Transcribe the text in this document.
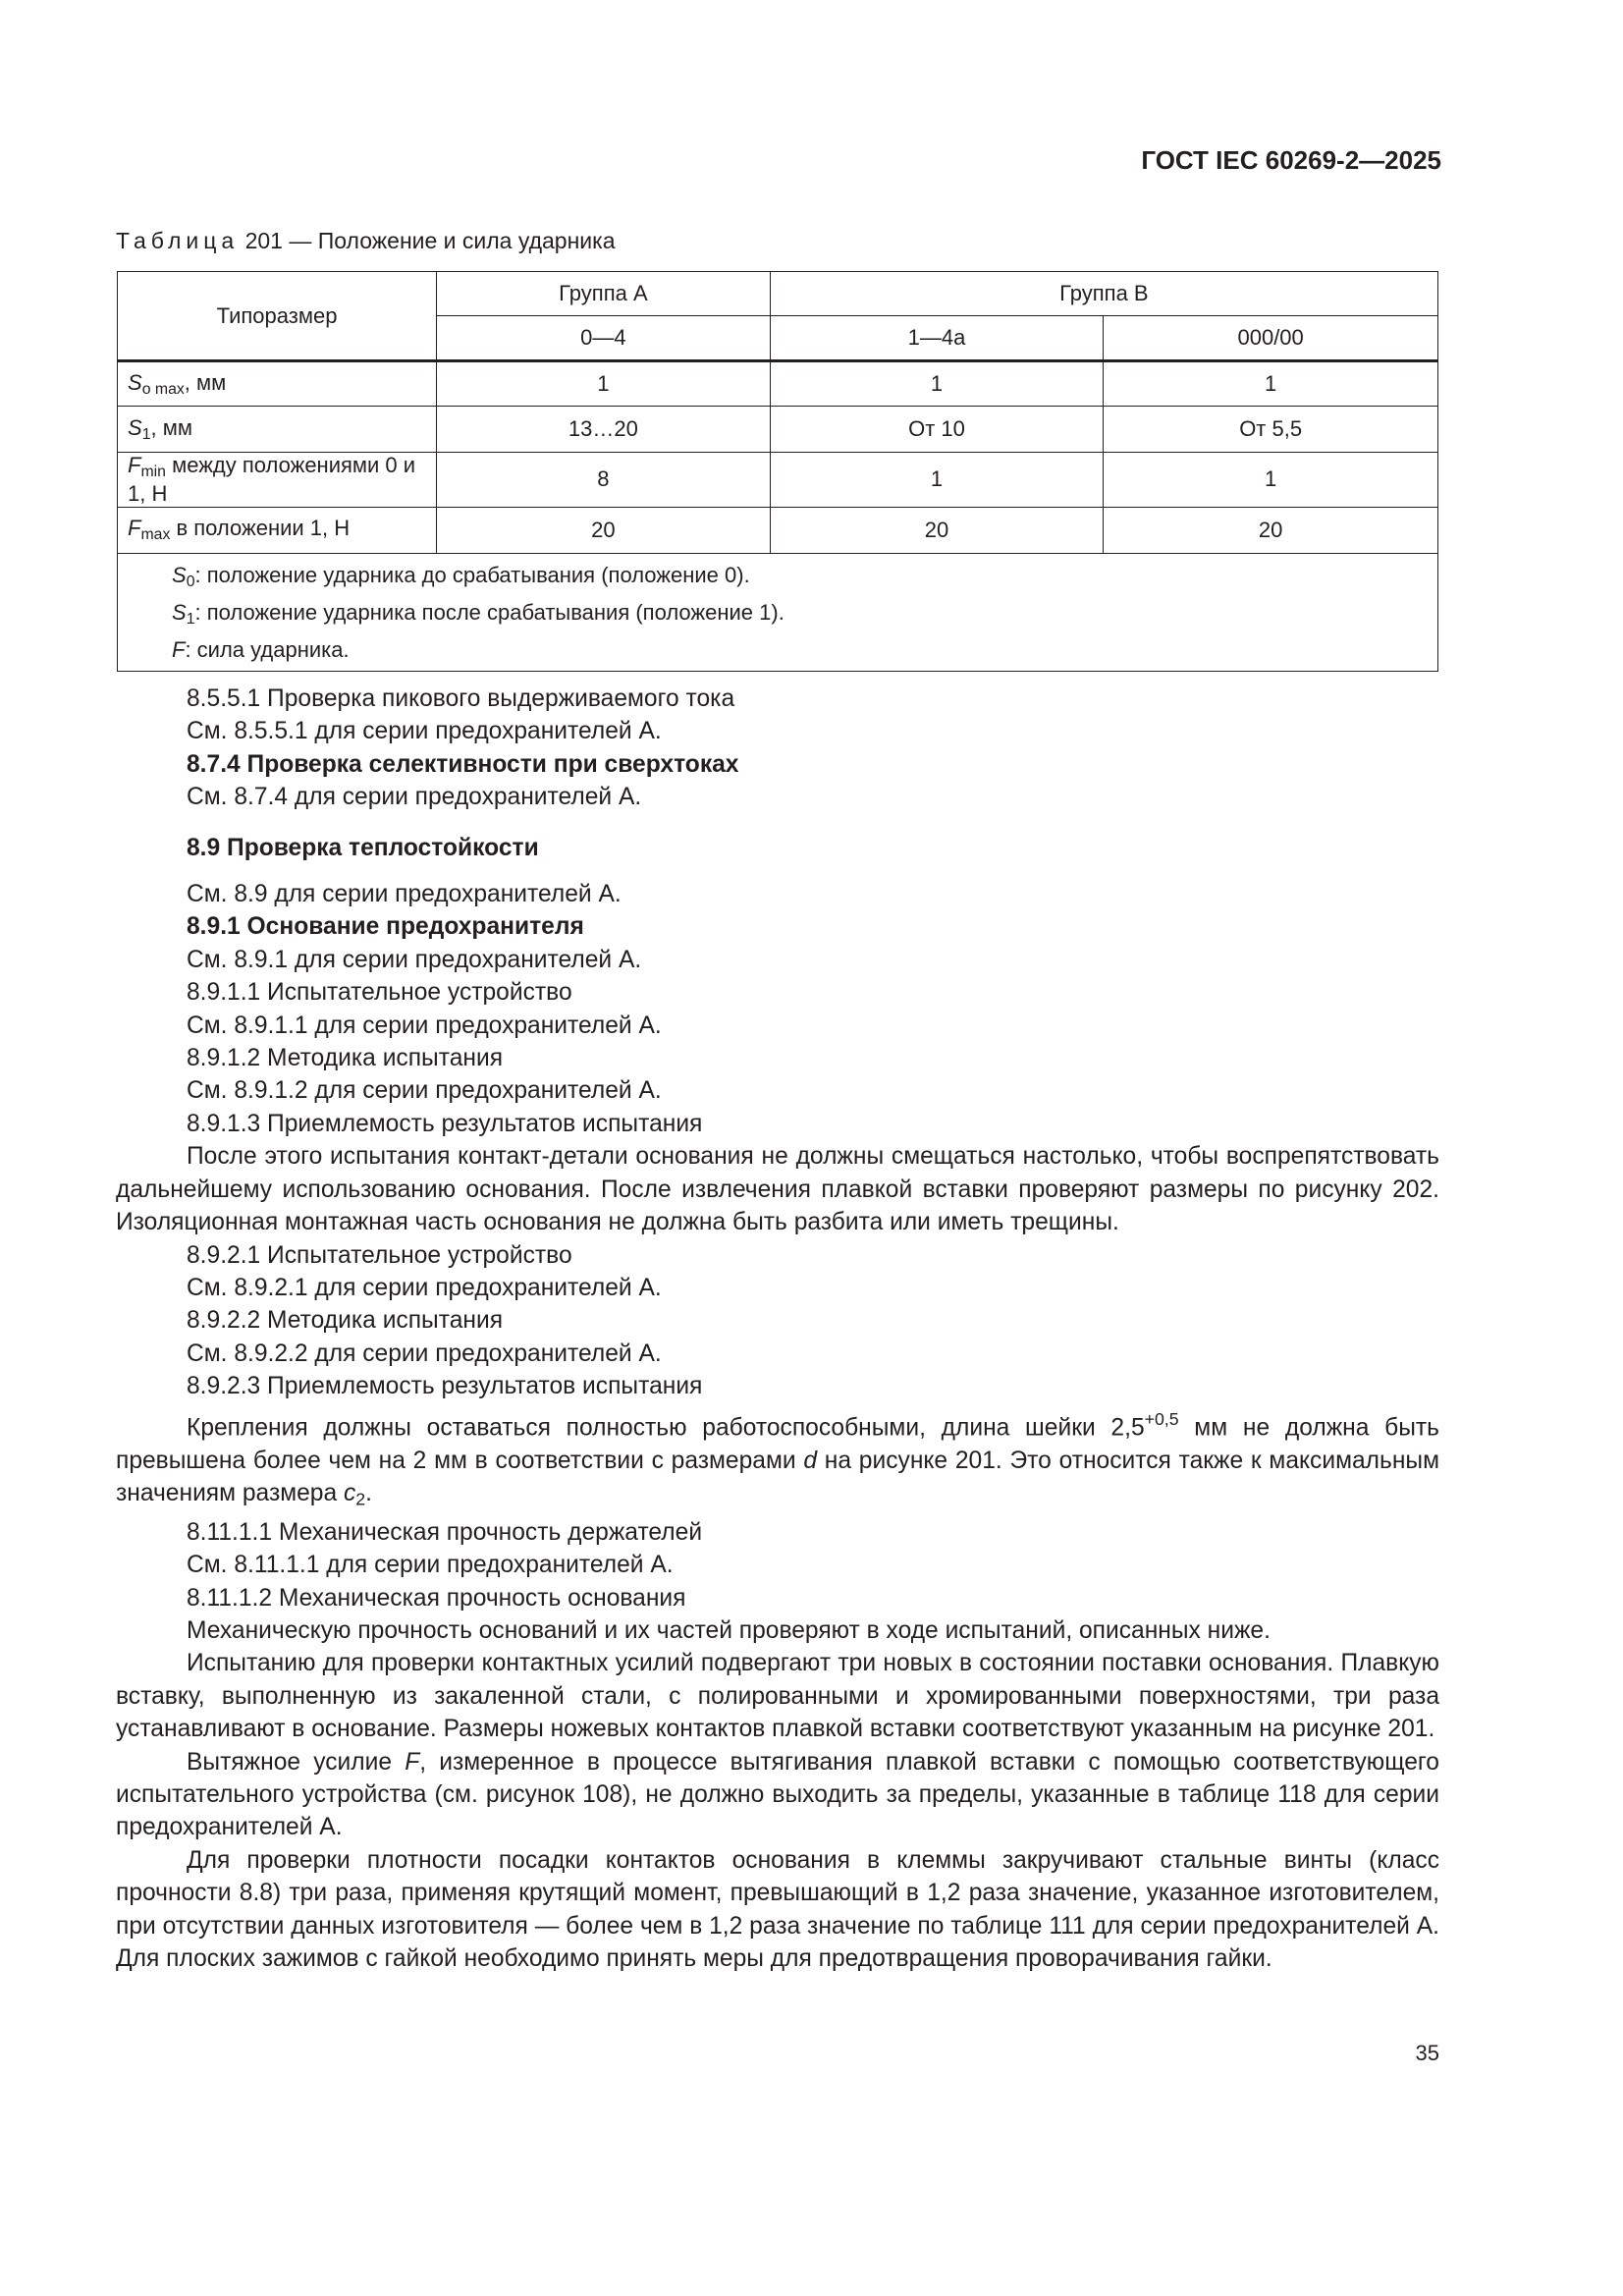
ГОСТ IEC 60269-2—2025
Таблица 201 — Положение и сила ударника
Типоразмер	Группа А	Группа В	
	0—4	1—4а	000/00
$S_{o max}$, мм	1	1	1
$S_1$, мм	13…20	От 10	От 5,5
$F_{min}$ между положениями 0 и 1, Н	8	1	1
$F_{max}$ в положении 1, Н	20	20	20

$S_0$: положение ударника до срабатывания (положение 0).
$S_1$: положение ударника после срабатывания (положение 1).
F: сила ударника.			

8.5.5.1 Проверка пикового выдерживаемого тока

См. 8.5.5.1 для серии предохранителей А.

8.7.4 Проверка селективности при сверхтоках

См. 8.7.4 для серии предохранителей А.

8.9 Проверка теплостойкости

См. 8.9 для серии предохранителей А.

8.9.1 Основание предохранителя

См. 8.9.1 для серии предохранителей А.

8.9.1.1 Испытательное устройство

См. 8.9.1.1 для серии предохранителей А.

8.9.1.2 Методика испытания

См. 8.9.1.2 для серии предохранителей А.

8.9.1.3 Приемлемость результатов испытания

После этого испытания контакт-детали основания не должны смещаться настолько, чтобы воспрепятствовать дальнейшему использованию основания. После извлечения плавкой вставки проверяют размеры по рисунку 202. Изоляционная монтажная часть основания не должна быть разбита или иметь трещины.

8.9.2.1 Испытательное устройство

См. 8.9.2.1 для серии предохранителей А.

8.9.2.2 Методика испытания

См. 8.9.2.2 для серии предохранителей А.

8.9.2.3 Приемлемость результатов испытания

Крепления должны оставаться полностью работоспособными, длина шейки $2,5^{+0,5}$ мм не должна быть превышена более чем на 2 мм в соответствии с размерами d на рисунке 201. Это относится также к максимальным значениям размера $c_2$.

8.11.1.1 Механическая прочность держателей

См. 8.11.1.1 для серии предохранителей А.

8.11.1.2 Механическая прочность основания

Механическую прочность оснований и их частей проверяют в ходе испытаний, описанных ниже.

Испытанию для проверки контактных усилий подвергают три новых в состоянии поставки основания. Плавкую вставку, выполненную из закаленной стали, с полированными и хромированными поверхностями, три раза устанавливают в основание. Размеры ножевых контактов плавкой вставки соответствуют указанным на рисунке 201.

Вытяжное усилие F, измеренное в процессе вытягивания плавкой вставки с помощью соответствующего испытательного устройства (см. рисунок 108), не должно выходить за пределы, указанные в таблице 118 для серии предохранителей А.

Для проверки плотности посадки контактов основания в клеммы закручивают стальные винты (класс прочности 8.8) три раза, применяя крутящий момент, превышающий в 1,2 раза значение, указанное изготовителем, при отсутствии данных изготовителя — более чем в 1,2 раза значение по таблице 111 для серии предохранителей А. Для плоских зажимов с гайкой необходимо принять меры для предотвращения проворачивания гайки.

35
